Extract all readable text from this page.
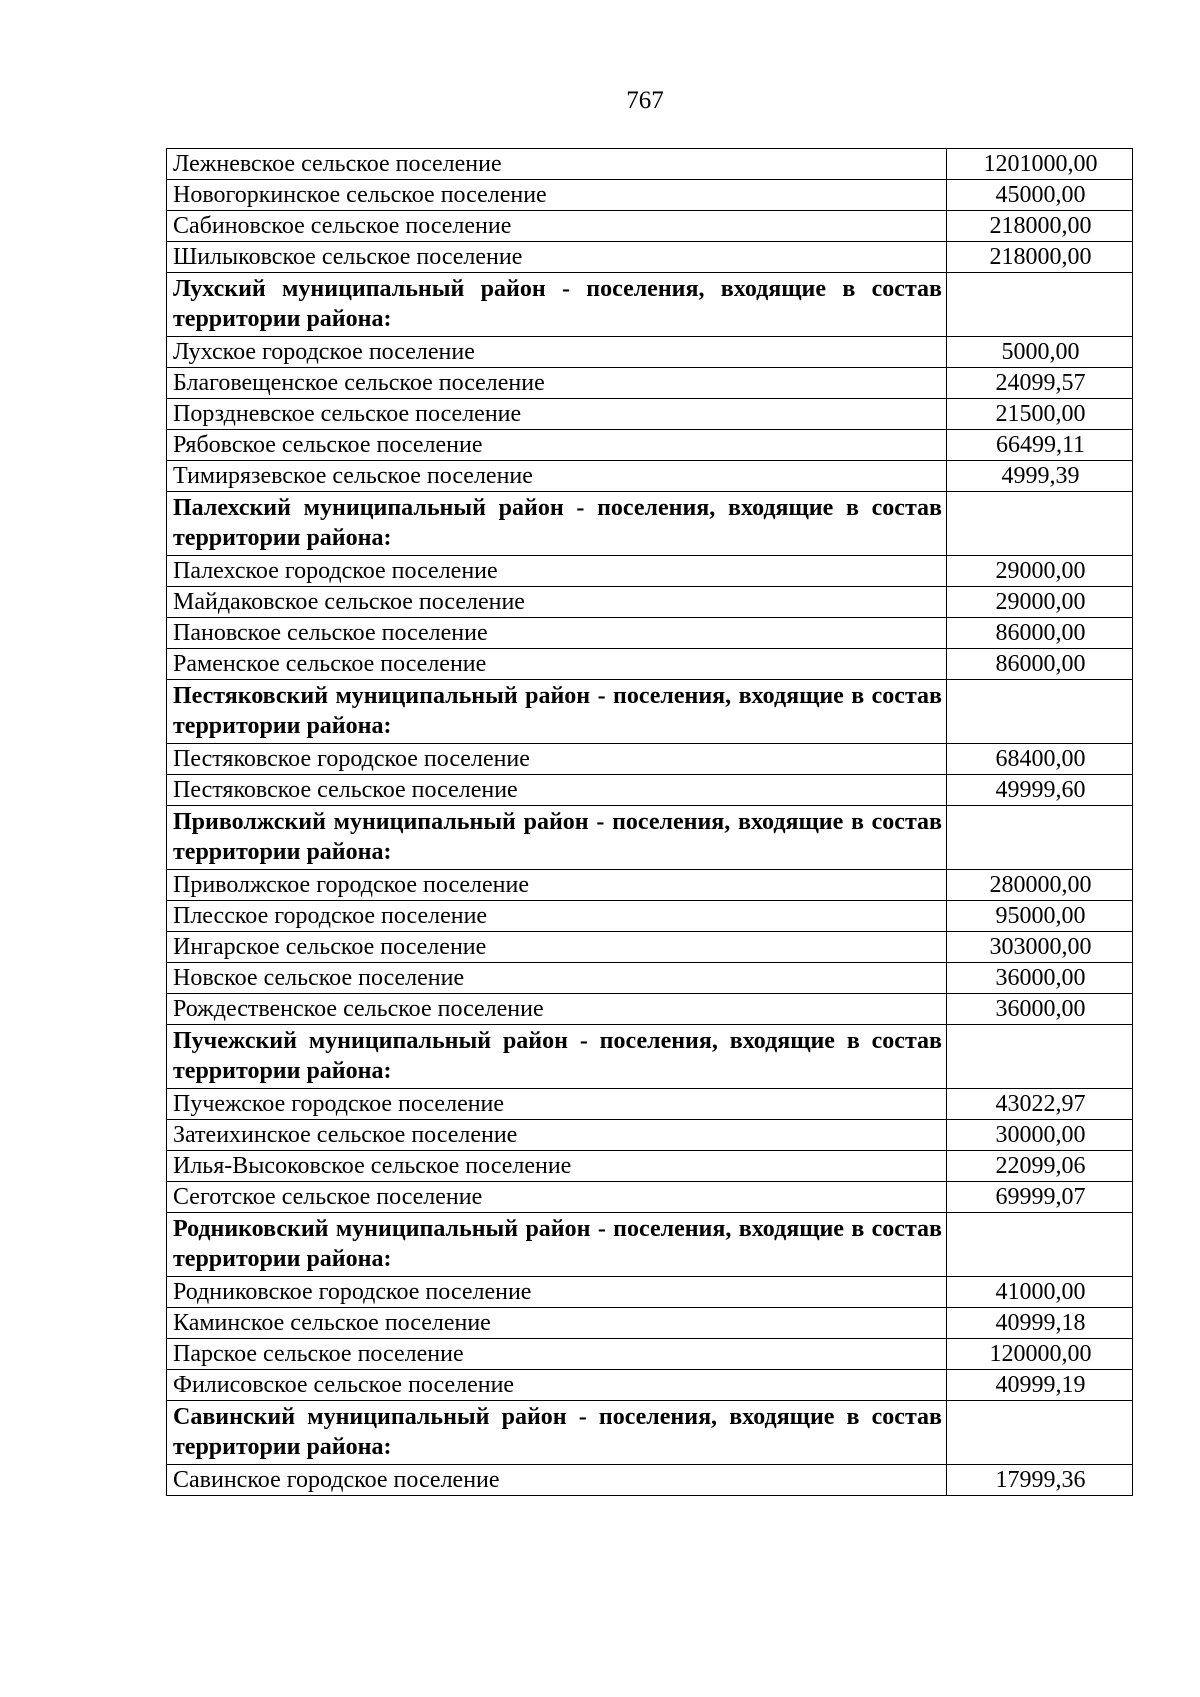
767
Лежневское сельское поселение	1201000,00
Новогоркинское сельское поселение	45000,00
Сабиновское сельское поселение	218000,00
Шилыковское сельское поселение	218000,00
Лухский муниципальный район - поселения, входящие в состав территории района:	
Лухское городское поселение	5000,00
Благовещенское сельское поселение	24099,57
Порздневское сельское поселение	21500,00
Рябовское сельское поселение	66499,11
Тимирязевское сельское поселение	4999,39
Палехский муниципальный район - поселения, входящие в состав территории района:	
Палехское городское поселение	29000,00
Майдаковское сельское поселение	29000,00
Пановское сельское поселение	86000,00
Раменское сельское поселение	86000,00
Пестяковский муниципальный район - поселения, входящие в состав территории района:	
Пестяковское городское поселение	68400,00
Пестяковское сельское поселение	49999,60
Приволжский муниципальный район - поселения, входящие в состав территории района:	
Приволжское городское поселение	280000,00
Плесское городское поселение	95000,00
Ингарское сельское поселение	303000,00
Новское сельское поселение	36000,00
Рождественское сельское поселение	36000,00
Пучежский муниципальный район - поселения, входящие в состав территории района:	
Пучежское городское поселение	43022,97
Затеихинское сельское поселение	30000,00
Илья-Высоковское сельское поселение	22099,06
Сеготское сельское поселение	69999,07
Родниковский муниципальный район - поселения, входящие в состав территории района:	
Родниковское городское поселение	41000,00
Каминское сельское поселение	40999,18
Парское сельское поселение	120000,00
Филисовское сельское поселение	40999,19
Савинский муниципальный район - поселения, входящие в состав территории района:	
Савинское городское поселение	17999,36
